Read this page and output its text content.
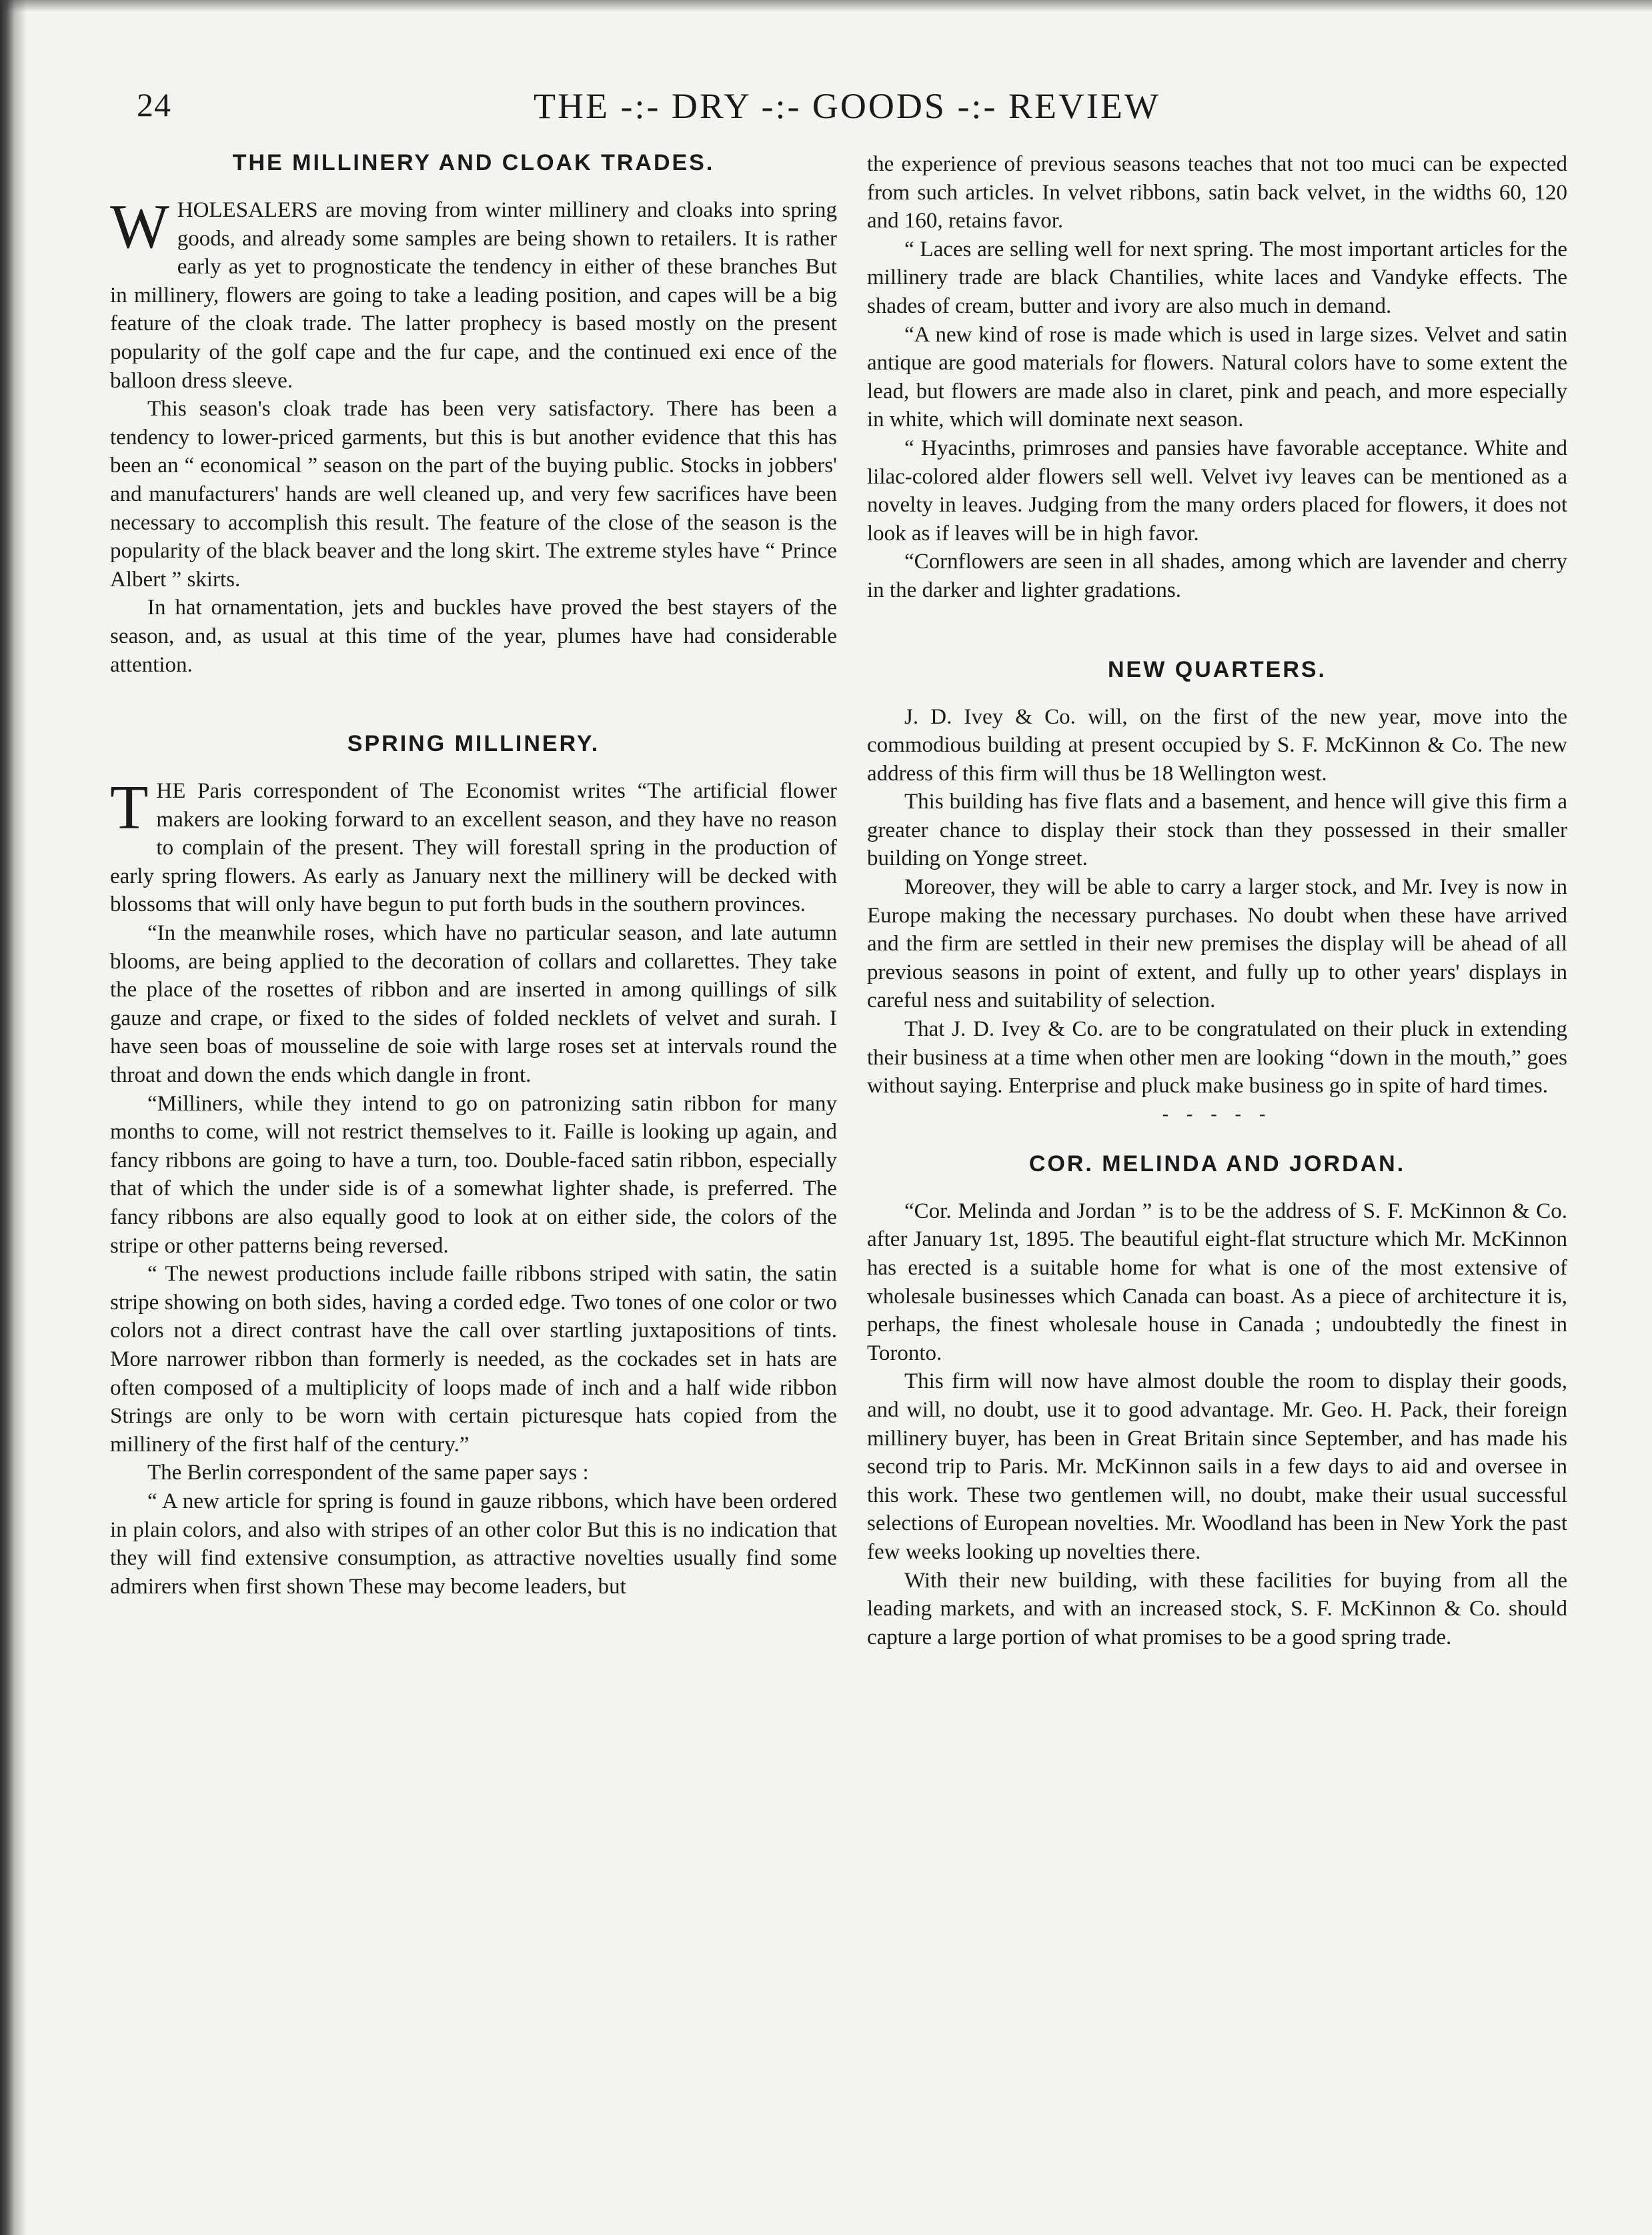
24	THE -:- DRY -:- GOODS -:- REVIEW
THE MILLINERY AND CLOAK TRADES.

WHOLESALERS are moving from winter millinery and cloaks into spring goods, and already some samples are being shown to retailers. It is rather early as yet to prognosticate the tendency in either of these branches But in millinery, flowers are going to take a leading position, and capes will be a big feature of the cloak trade. The latter prophecy is based mostly on the present popularity of the golf cape and the fur cape, and the continued exi ence of the balloon dress sleeve.

This season's cloak trade has been very satisfactory. There has been a tendency to lower-priced garments, but this is but another evidence that this has been an “ economical ” season on the part of the buying public. Stocks in jobbers' and manufacturers' hands are well cleaned up, and very few sacrifices have been necessary to accomplish this result. The feature of the close of the season is the popularity of the black beaver and the long skirt. The extreme styles have “ Prince Albert ” skirts.

In hat ornamentation, jets and buckles have proved the best stayers of the season, and, as usual at this time of the year, plumes have had considerable attention.

SPRING MILLINERY.

THE Paris correspondent of The Economist writes “The artificial flower makers are looking forward to an excellent season, and they have no reason to complain of the present. They will forestall spring in the production of early spring flowers. As early as January next the millinery will be decked with blossoms that will only have begun to put forth buds in the southern provinces.

“In the meanwhile roses, which have no particular season, and late autumn blooms, are being applied to the decoration of collars and collarettes. They take the place of the rosettes of ribbon and are inserted in among quillings of silk gauze and crape, or fixed to the sides of folded necklets of velvet and surah. I have seen boas of mousseline de soie with large roses set at intervals round the throat and down the ends which dangle in front.

“Milliners, while they intend to go on patronizing satin ribbon for many months to come, will not restrict themselves to it. Faille is looking up again, and fancy ribbons are going to have a turn, too. Double-faced satin ribbon, especially that of which the under side is of a somewhat lighter shade, is preferred. The fancy ribbons are also equally good to look at on either side, the colors of the stripe or other patterns being reversed.

“ The newest productions include faille ribbons striped with satin, the satin stripe showing on both sides, having a corded edge. Two tones of one color or two colors not a direct contrast have the call over startling juxtapositions of tints. More narrower ribbon than formerly is needed, as the cockades set in hats are often composed of a multiplicity of loops made of inch and a half wide ribbon Strings are only to be worn with certain picturesque hats copied from the millinery of the first half of the century.”

The Berlin correspondent of the same paper says :

“ A new article for spring is found in gauze ribbons, which have been ordered in plain colors, and also with stripes of an other color But this is no indication that they will find extensive consumption, as attractive novelties usually find some admirers when first shown These may become leaders, but

the experience of previous seasons teaches that not too muci can be expected from such articles. In velvet ribbons, satin back velvet, in the widths 60, 120 and 160, retains favor.

“ Laces are selling well for next spring. The most important articles for the millinery trade are black Chantilies, white laces and Vandyke effects. The shades of cream, butter and ivory are also much in demand.

“A new kind of rose is made which is used in large sizes. Velvet and satin antique are good materials for flowers. Natural colors have to some extent the lead, but flowers are made also in claret, pink and peach, and more especially in white, which will dominate next season.

“ Hyacinths, primroses and pansies have favorable acceptance. White and lilac-colored alder flowers sell well. Velvet ivy leaves can be mentioned as a novelty in leaves. Judging from the many orders placed for flowers, it does not look as if leaves will be in high favor.

“Cornflowers are seen in all shades, among which are lavender and cherry in the darker and lighter gradations.

NEW QUARTERS.

J. D. Ivey & Co. will, on the first of the new year, move into the commodious building at present occupied by S. F. McKinnon & Co. The new address of this firm will thus be 18 Wellington west.

This building has five flats and a basement, and hence will give this firm a greater chance to display their stock than they possessed in their smaller building on Yonge street.

Moreover, they will be able to carry a larger stock, and Mr. Ivey is now in Europe making the necessary purchases. No doubt when these have arrived and the firm are settled in their new premises the display will be ahead of all previous seasons in point of extent, and fully up to other years' displays in careful ness and suitability of selection.

That J. D. Ivey & Co. are to be congratulated on their pluck in extending their business at a time when other men are looking “down in the mouth,” goes without saying. Enterprise and pluck make business go in spite of hard times.

- - - - -
COR. MELINDA AND JORDAN.

“Cor. Melinda and Jordan ” is to be the address of S. F. McKinnon & Co. after January 1st, 1895. The beautiful eight-flat structure which Mr. McKinnon has erected is a suitable home for what is one of the most extensive of wholesale businesses which Canada can boast. As a piece of architecture it is, perhaps, the finest wholesale house in Canada ; undoubtedly the finest in Toronto.

This firm will now have almost double the room to display their goods, and will, no doubt, use it to good advantage. Mr. Geo. H. Pack, their foreign millinery buyer, has been in Great Britain since September, and has made his second trip to Paris. Mr. McKinnon sails in a few days to aid and oversee in this work. These two gentlemen will, no doubt, make their usual successful selections of European novelties. Mr. Woodland has been in New York the past few weeks looking up novelties there.

With their new building, with these facilities for buying from all the leading markets, and with an increased stock, S. F. McKinnon & Co. should capture a large portion of what promises to be a good spring trade.
